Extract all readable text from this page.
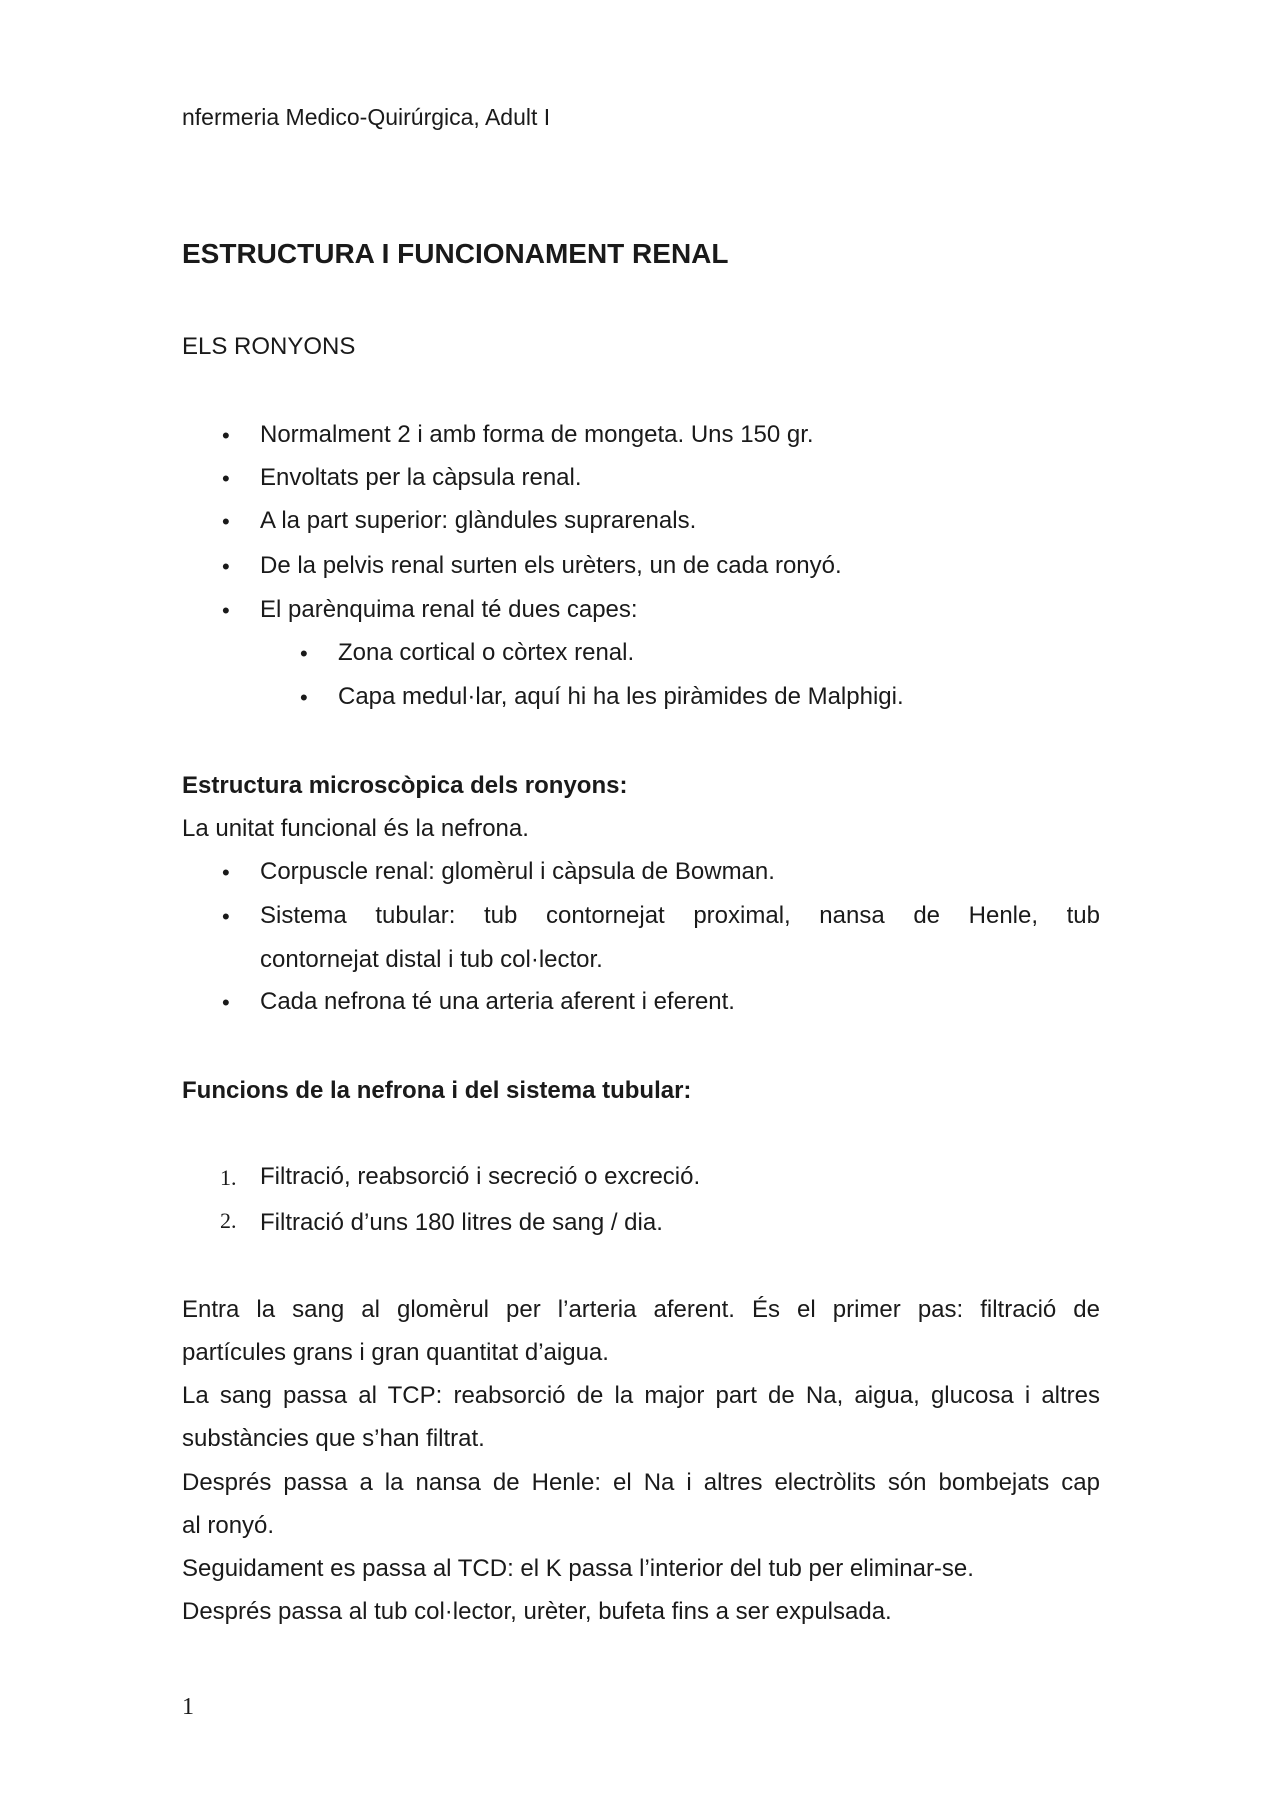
nfermeria Medico-Quirúrgica, Adult I

ESTRUCTURA I FUNCIONAMENT RENAL
ELS RONYONS
• Normalment 2 i amb forma de mongeta. Uns 150 gr.
• Envoltats per la càpsula renal.
• A la part superior: glàndules suprarenals.
• De la pelvis renal surten els urèters, un de cada ronyó.
• El parènquima renal té dues capes:
• Zona cortical o còrtex renal.
• Capa medul·lar, aquí hi ha les piràmides de Malphigi.
Estructura microscòpica dels ronyons:

La unitat funcional és la nefrona.

• Corpuscle renal: glomèrul i càpsula de Bowman.
• Sistema tubular: tub contornejat proximal, nansa de Henle, tub
contornejat distal i tub col·lector.
• Cada nefrona té una arteria aferent i eferent.
Funcions de la nefrona i del sistema tubular:
1. Filtració, reabsorció i secreció o excreció.
2. Filtració d’uns 180 litres de sang / dia.
Entra la sang al glomèrul per l’arteria aferent. És el primer pas: filtració de
partícules grans i gran quantitat d’aigua.
La sang passa al TCP: reabsorció de la major part de Na, aigua, glucosa i altres
substàncies que s’han filtrat.
Després passa a la nansa de Henle: el Na i altres electròlits són bombejats cap
al ronyó.
Seguidament es passa al TCD: el K passa l’interior del tub per eliminar-se.
Després passa al tub col·lector, urèter, bufeta fins a ser expulsada.

1
